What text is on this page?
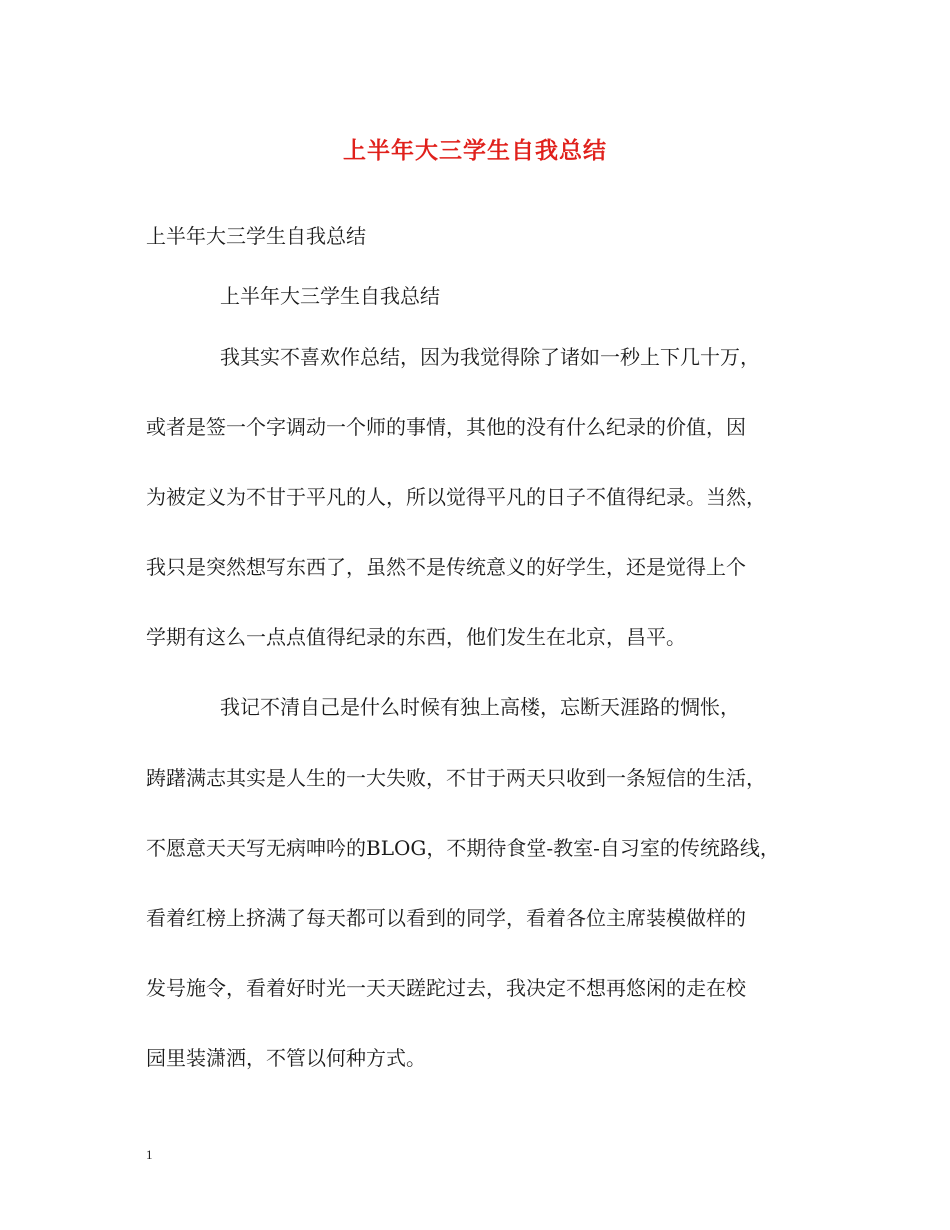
上半年大三学生自我总结

上半年大三学生自我总结

上半年大三学生自我总结

我其实不喜欢作总结，因为我觉得除了诸如一秒上下几十万，

或者是签一个字调动一个师的事情，其他的没有什么纪录的价值，因

为被定义为不甘于平凡的人，所以觉得平凡的日子不值得纪录。当然，

我只是突然想写东西了，虽然不是传统意义的好学生，还是觉得上个

学期有这么一点点值得纪录的东西，他们发生在北京，昌平。

我记不清自己是什么时候有独上高楼，忘断天涯路的惆怅，

踌躇满志其实是人生的一大失败，不甘于两天只收到一条短信的生活，

不愿意天天写无病呻吟的BLOG，不期待食堂-教室-自习室的传统路线，

看着红榜上挤满了每天都可以看到的同学，看着各位主席装模做样的

发号施令，看着好时光一天天蹉跎过去，我决定不想再悠闲的走在校

园里装潇洒，不管以何种方式。

1
